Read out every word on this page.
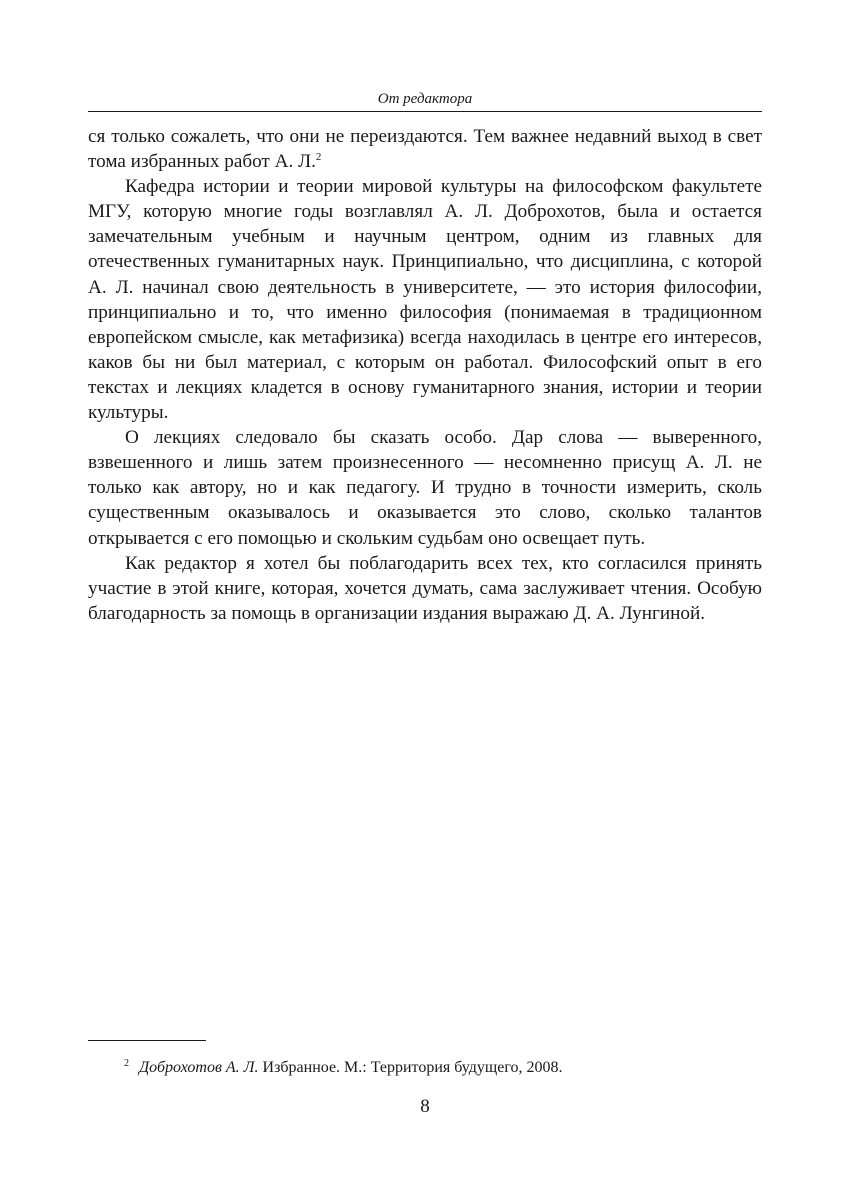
От редактора

ся только сожалеть, что они не переиздаются. Тем важнее недавний выход в свет тома избранных работ А. Л.$^2$

Кафедра истории и теории мировой культуры на философском факультете МГУ, которую многие годы возглавлял А. Л. Доброхотов, была и остается замечательным учебным и научным центром, одним из главных для отечественных гуманитарных наук. Принципиально, что дисциплина, с которой А. Л. начинал свою деятельность в университете, — это история философии, принципиально и то, что именно философия (понимаемая в традиционном европейском смысле, как метафизика) всегда находилась в центре его интересов, каков бы ни был материал, с которым он работал. Философский опыт в его текстах и лекциях кладется в основу гуманитарного знания, истории и теории культуры.

О лекциях следовало бы сказать особо. Дар слова — выверенного, взвешенного и лишь затем произнесенного — несомненно присущ А. Л. не только как автору, но и как педагогу. И трудно в точности измерить, сколь существенным оказывалось и оказывается это слово, сколько талантов открывается с его помощью и скольким судьбам оно освещает путь.

Как редактор я хотел бы поблагодарить всех тех, кто согласился принять участие в этой книге, которая, хочется думать, сама заслуживает чтения. Особую благодарность за помощь в организации издания выражаю Д. А. Лунгиной.

$^2$ Доброхотов А. Л. Избранное. М.: Территория будущего, 2008.
8
